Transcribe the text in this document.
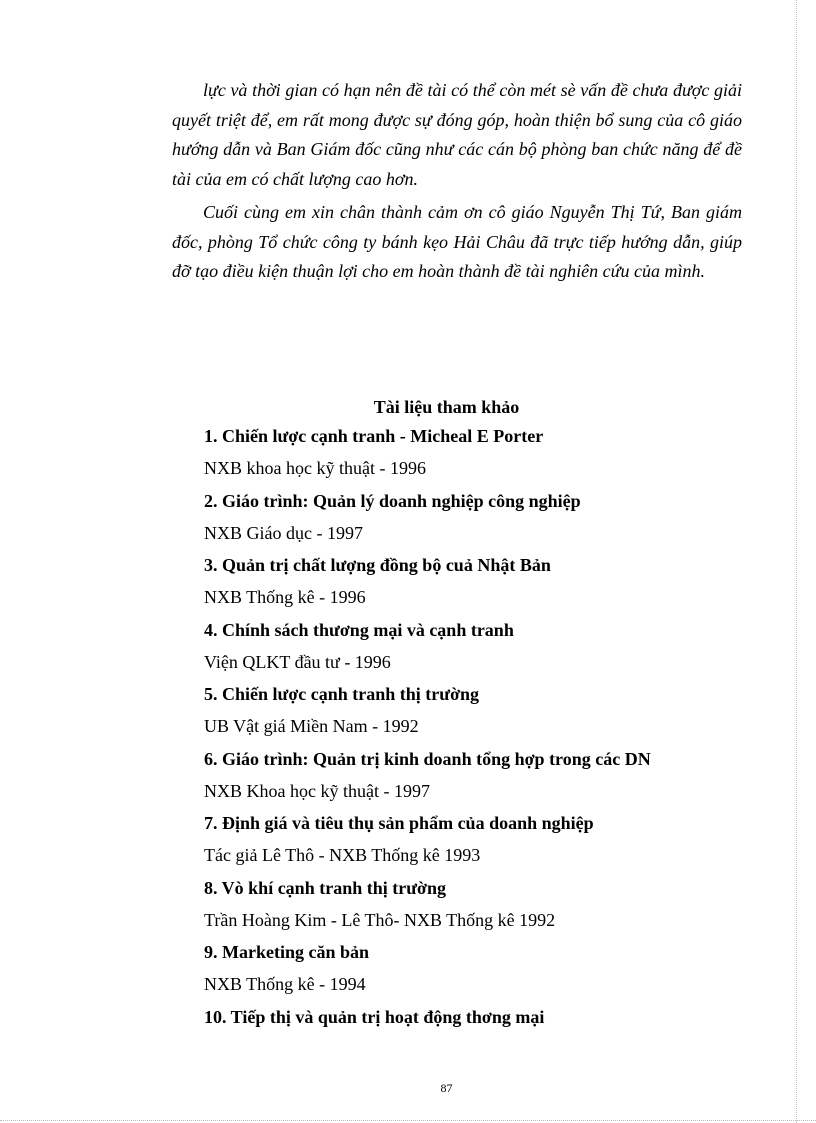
lực và thời gian có hạn nên đề tài có thể còn mét sè vấn đề chưa được giải quyết triệt để, em rất mong được sự đóng góp, hoàn thiện bổ sung của cô giáo hướng dẫn và Ban Giám đốc cũng như các cán bộ phòng ban chức năng để đề tài của em có chất lượng cao hơn.

Cuối cùng em xin chân thành cảm ơn cô giáo Nguyễn Thị Tứ, Ban giám đốc, phòng Tổ chức công ty bánh kẹo Hải Châu đã trực tiếp hướng dẫn, giúp đỡ tạo điều kiện thuận lợi cho em hoàn thành đề tài nghiên cứu của mình.

Tài liệu tham khảo
1. Chiến lược cạnh tranh - Micheal E Porter
NXB khoa học kỹ thuật - 1996
2. Giáo trình: Quản lý doanh nghiệp công nghiệp
NXB Giáo dục - 1997
3. Quản trị chất lượng đồng bộ cuả Nhật Bản
NXB Thống kê - 1996
4. Chính sách thương mại và cạnh tranh
Viện QLKT đầu tư - 1996
5. Chiến lược cạnh tranh thị trường
UB Vật giá Miền Nam - 1992
6. Giáo trình: Quản trị kinh doanh tổng hợp trong các DN
NXB Khoa học kỹ thuật - 1997
7. Định giá và tiêu thụ sản phẩm của doanh nghiệp
Tác giả Lê Thô - NXB Thống kê 1993
8. Vò khí cạnh tranh thị trường
Trần Hoàng Kim - Lê Thô- NXB Thống kê 1992
9. Marketing căn bản
NXB Thống kê - 1994
10. Tiếp thị và quản trị hoạt động thơng mại
87
